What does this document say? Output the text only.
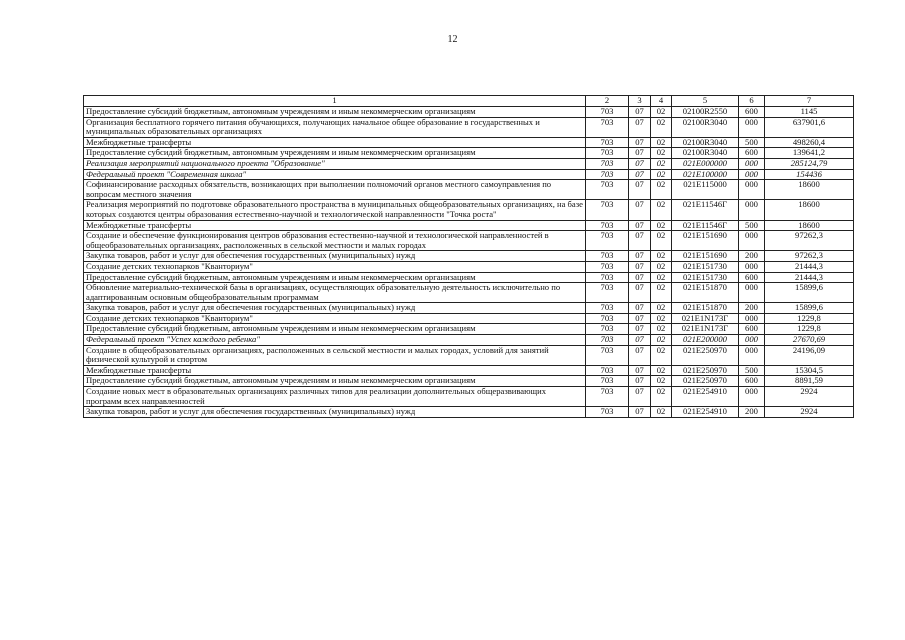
12
1	2	3	4	5	6	7
Предоставление субсидий бюджетным, автономным учреждениям и иным некоммерческим организациям	703	07	02	02100R2550	600	1145
Организация бесплатного горячего питания обучающихся, получающих начальное общее образование в государственных и муниципальных образовательных организациях	703	07	02	02100R3040	000	637901,6
Межбюджетные трансферты	703	07	02	02100R3040	500	498260,4
Предоставление субсидий бюджетным, автономным учреждениям и иным некоммерческим организациям	703	07	02	02100R3040	600	139641,2
Реализация мероприятий национального проекта "Образование"	703	07	02	021E000000	000	285124,79
Федеральный проект "Современная школа"	703	07	02	021E100000	000	154436
Софинансирование расходных обязательств, возникающих при выполнении полномочий органов местного самоуправления по вопросам местного значения	703	07	02	021E115000	000	18600
Реализация мероприятий по подготовке образовательного пространства в муниципальных общеобразовательных организациях, на базе которых создаются центры образования естественно-научной и технологической направленности "Точка роста"	703	07	02	021E11546Г	000	18600
Межбюджетные трансферты	703	07	02	021E11546Г	500	18600
Создание и обеспечение функционирования центров образования естественно-научной и технологической направленностей в общеобразовательных организациях, расположенных в сельской местности и малых городах	703	07	02	021E151690	000	97262,3
Закупка товаров, работ и услуг для обеспечения государственных (муниципальных) нужд	703	07	02	021E151690	200	97262,3
Создание детских технопарков "Кванториум"	703	07	02	021E151730	000	21444,3
Предоставление субсидий бюджетным, автономным учреждениям и иным некоммерческим организациям	703	07	02	021E151730	600	21444,3
Обновление материально-технической базы в организациях, осуществляющих образовательную деятельность исключительно по адаптированным основным общеобразовательным программам	703	07	02	021E151870	000	15899,6
Закупка товаров, работ и услуг для обеспечения государственных (муниципальных) нужд	703	07	02	021E151870	200	15899,6
Создание детских технопарков "Кванториум"	703	07	02	021E1N173Г	000	1229,8
Предоставление субсидий бюджетным, автономным учреждениям и иным некоммерческим организациям	703	07	02	021E1N173Г	600	1229,8
Федеральный проект "Успех каждого ребенка"	703	07	02	021E200000	000	27670,69
Создание в общеобразовательных организациях, расположенных в сельской местности и малых городах, условий для занятий физической культурой и спортом	703	07	02	021E250970	000	24196,09
Межбюджетные трансферты	703	07	02	021E250970	500	15304,5
Предоставление субсидий бюджетным, автономным учреждениям и иным некоммерческим организациям	703	07	02	021E250970	600	8891,59
Создание новых мест в образовательных организациях различных типов для реализации дополнительных общеразвивающих программ всех направленностей	703	07	02	021E254910	000	2924
Закупка товаров, работ и услуг для обеспечения государственных (муниципальных) нужд	703	07	02	021E254910	200	2924
